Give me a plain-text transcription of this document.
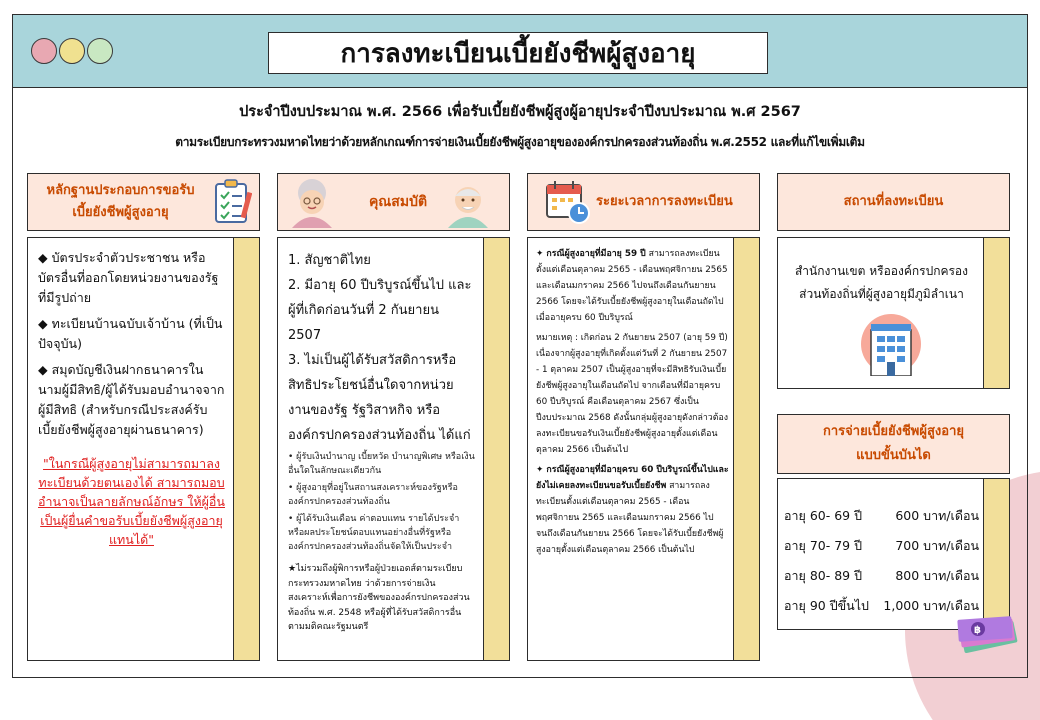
การลงทะเบียนเบี้ยยังชีพผู้สูงอายุ
ประจำปีงบประมาณ พ.ศ. 2566 เพื่อรับเบี้ยยังชีพผู้สูงผู้อายุประจำปีงบประมาณ พ.ศ 2567
ตามระเบียบกระทรวงมหาดไทยว่าด้วยหลักเกณฑ์การจ่ายเงินเบี้ยยังชีพผู้สูงอายุขององค์กรปกครองส่วนท้องถิ่น พ.ศ.2552 และที่แก้ไขเพิ่มเติม
หลักฐานประกอบการขอรับ
เบี้ยยังชีพผู้สูงอายุ
คุณสมบัติ	ระยะเวลาการลงทะเบียน	สถานที่ลงทะเบียน
การจ่ายเบี้ยยังชีพผู้สูงอายุ
แบบขั้นบันได
◆ บัตรประจำตัวประชาชน หรือบัตรอื่นที่ออกโดยหน่วยงานของรัฐที่มีรูปถ่าย
◆ ทะเบียนบ้านฉบับเจ้าบ้าน (ที่เป็นปัจจุบัน)
◆ สมุดบัญชีเงินฝากธนาคารในนามผู้มีสิทธิ/ผู้ได้รับมอบอำนาจจากผู้มีสิทธิ (สำหรับกรณีประสงค์รับเบี้ยยังชีพผู้สูงอายุผ่านธนาคาร)
"ในกรณีผู้สูงอายุไม่สามารถมาลงทะเบียนด้วยตนเองได้ สามารถมอบอำนาจเป็นลายลักษณ์อักษร ให้ผู้อื่นเป็นผู้ยื่นคำขอรับเบี้ยยังชีพผู้สูงอายุแทนได้"
1. สัญชาติไทย
2. มีอายุ 60 ปีบริบูรณ์ขึ้นไป และผู้ที่เกิดก่อนวันที่ 2 กันยายน 2507
3. ไม่เป็นผู้ได้รับสวัสดิการหรือสิทธิประโยชน์อื่นใดจากหน่วยงานของรัฐ รัฐวิสาหกิจ หรือองค์กรปกครองส่วนท้องถิ่น ได้แก่
• ผู้รับเงินบำนาญ เบี้ยหวัด บำนาญพิเศษ หรือเงินอื่นใดในลักษณะเดียวกัน
• ผู้สูงอายุที่อยู่ในสถานสงเคราะห์ของรัฐหรือองค์กรปกครองส่วนท้องถิ่น
• ผู้ได้รับเงินเดือน ค่าตอบแทน รายได้ประจำ หรือผลประโยชน์ตอบแทนอย่างอื่นที่รัฐหรือองค์กรปกครองส่วนท้องถิ่นจัดให้เป็นประจำ
★ไม่รวมถึงผู้พิการหรือผู้ป่วยเอดส์ตามระเบียบกระทรวงมหาดไทย ว่าด้วยการจ่ายเงินสงเคราะห์เพื่อการยังชีพขององค์กรปกครองส่วนท้องถิ่น พ.ศ. 2548 หรือผู้ที่ได้รับสวัสดิการอื่นตามมติคณะรัฐมนตรี
✦ กรณีผู้สูงอายุที่มีอายุ 59 ปี สามารถลงทะเบียนตั้งแต่เดือนตุลาคม 2565 - เดือนพฤศจิกายน 2565 และเดือนมกราคม 2566 ไปจนถึงเดือนกันยายน 2566 โดยจะได้รับเบี้ยยังชีพผู้สูงอายุในเดือนถัดไป เมื่ออายุครบ 60 ปีบริบูรณ์
หมายเหตุ : เกิดก่อน 2 กันยายน 2507 (อายุ 59 ปี) เนื่องจากผู้สูงอายุที่เกิดตั้งแต่วันที่ 2 กันยายน 2507 - 1 ตุลาคม 2507 เป็นผู้สูงอายุที่จะมีสิทธิรับเงินเบี้ยยังชีพผู้สูงอายุในเดือนถัดไป จากเดือนที่มีอายุครบ 60 ปีบริบูรณ์ คือเดือนตุลาคม 2567 ซึ่งเป็นปีงบประมาณ 2568 ดังนั้นกลุ่มผู้สูงอายุดังกล่าวต้องลงทะเบียนขอรับเงินเบี้ยยังชีพผู้สูงอายุตั้งแต่เดือนตุลาคม 2566 เป็นต้นไป
✦ กรณีผู้สูงอายุที่มีอายุครบ 60 ปีบริบูรณ์ขึ้นไปและยังไม่เคยลงทะเบียนขอรับเบี้ยยังชีพ สามารถลงทะเบียนตั้งแต่เดือนตุลาคม 2565 - เดือนพฤศจิกายน 2565 และเดือนมกราคม 2566 ไปจนถึงเดือนกันยายน 2566 โดยจะได้รับเบี้ยยังชีพผู้สูงอายุตั้งแต่เดือนตุลาคม 2566 เป็นต้นไป
สำนักงานเขต หรือองค์กรปกครองส่วนท้องถิ่นที่ผู้สูงอายุมีภูมิลำเนา
อายุ 60- 69 ปี	600 บาท/เดือน
อายุ 70- 79 ปี	700 บาท/เดือน
อายุ 80- 89 ปี	800 บาท/เดือน
อายุ 90 ปีขึ้นไป	1,000 บาท/เดือน
฿
